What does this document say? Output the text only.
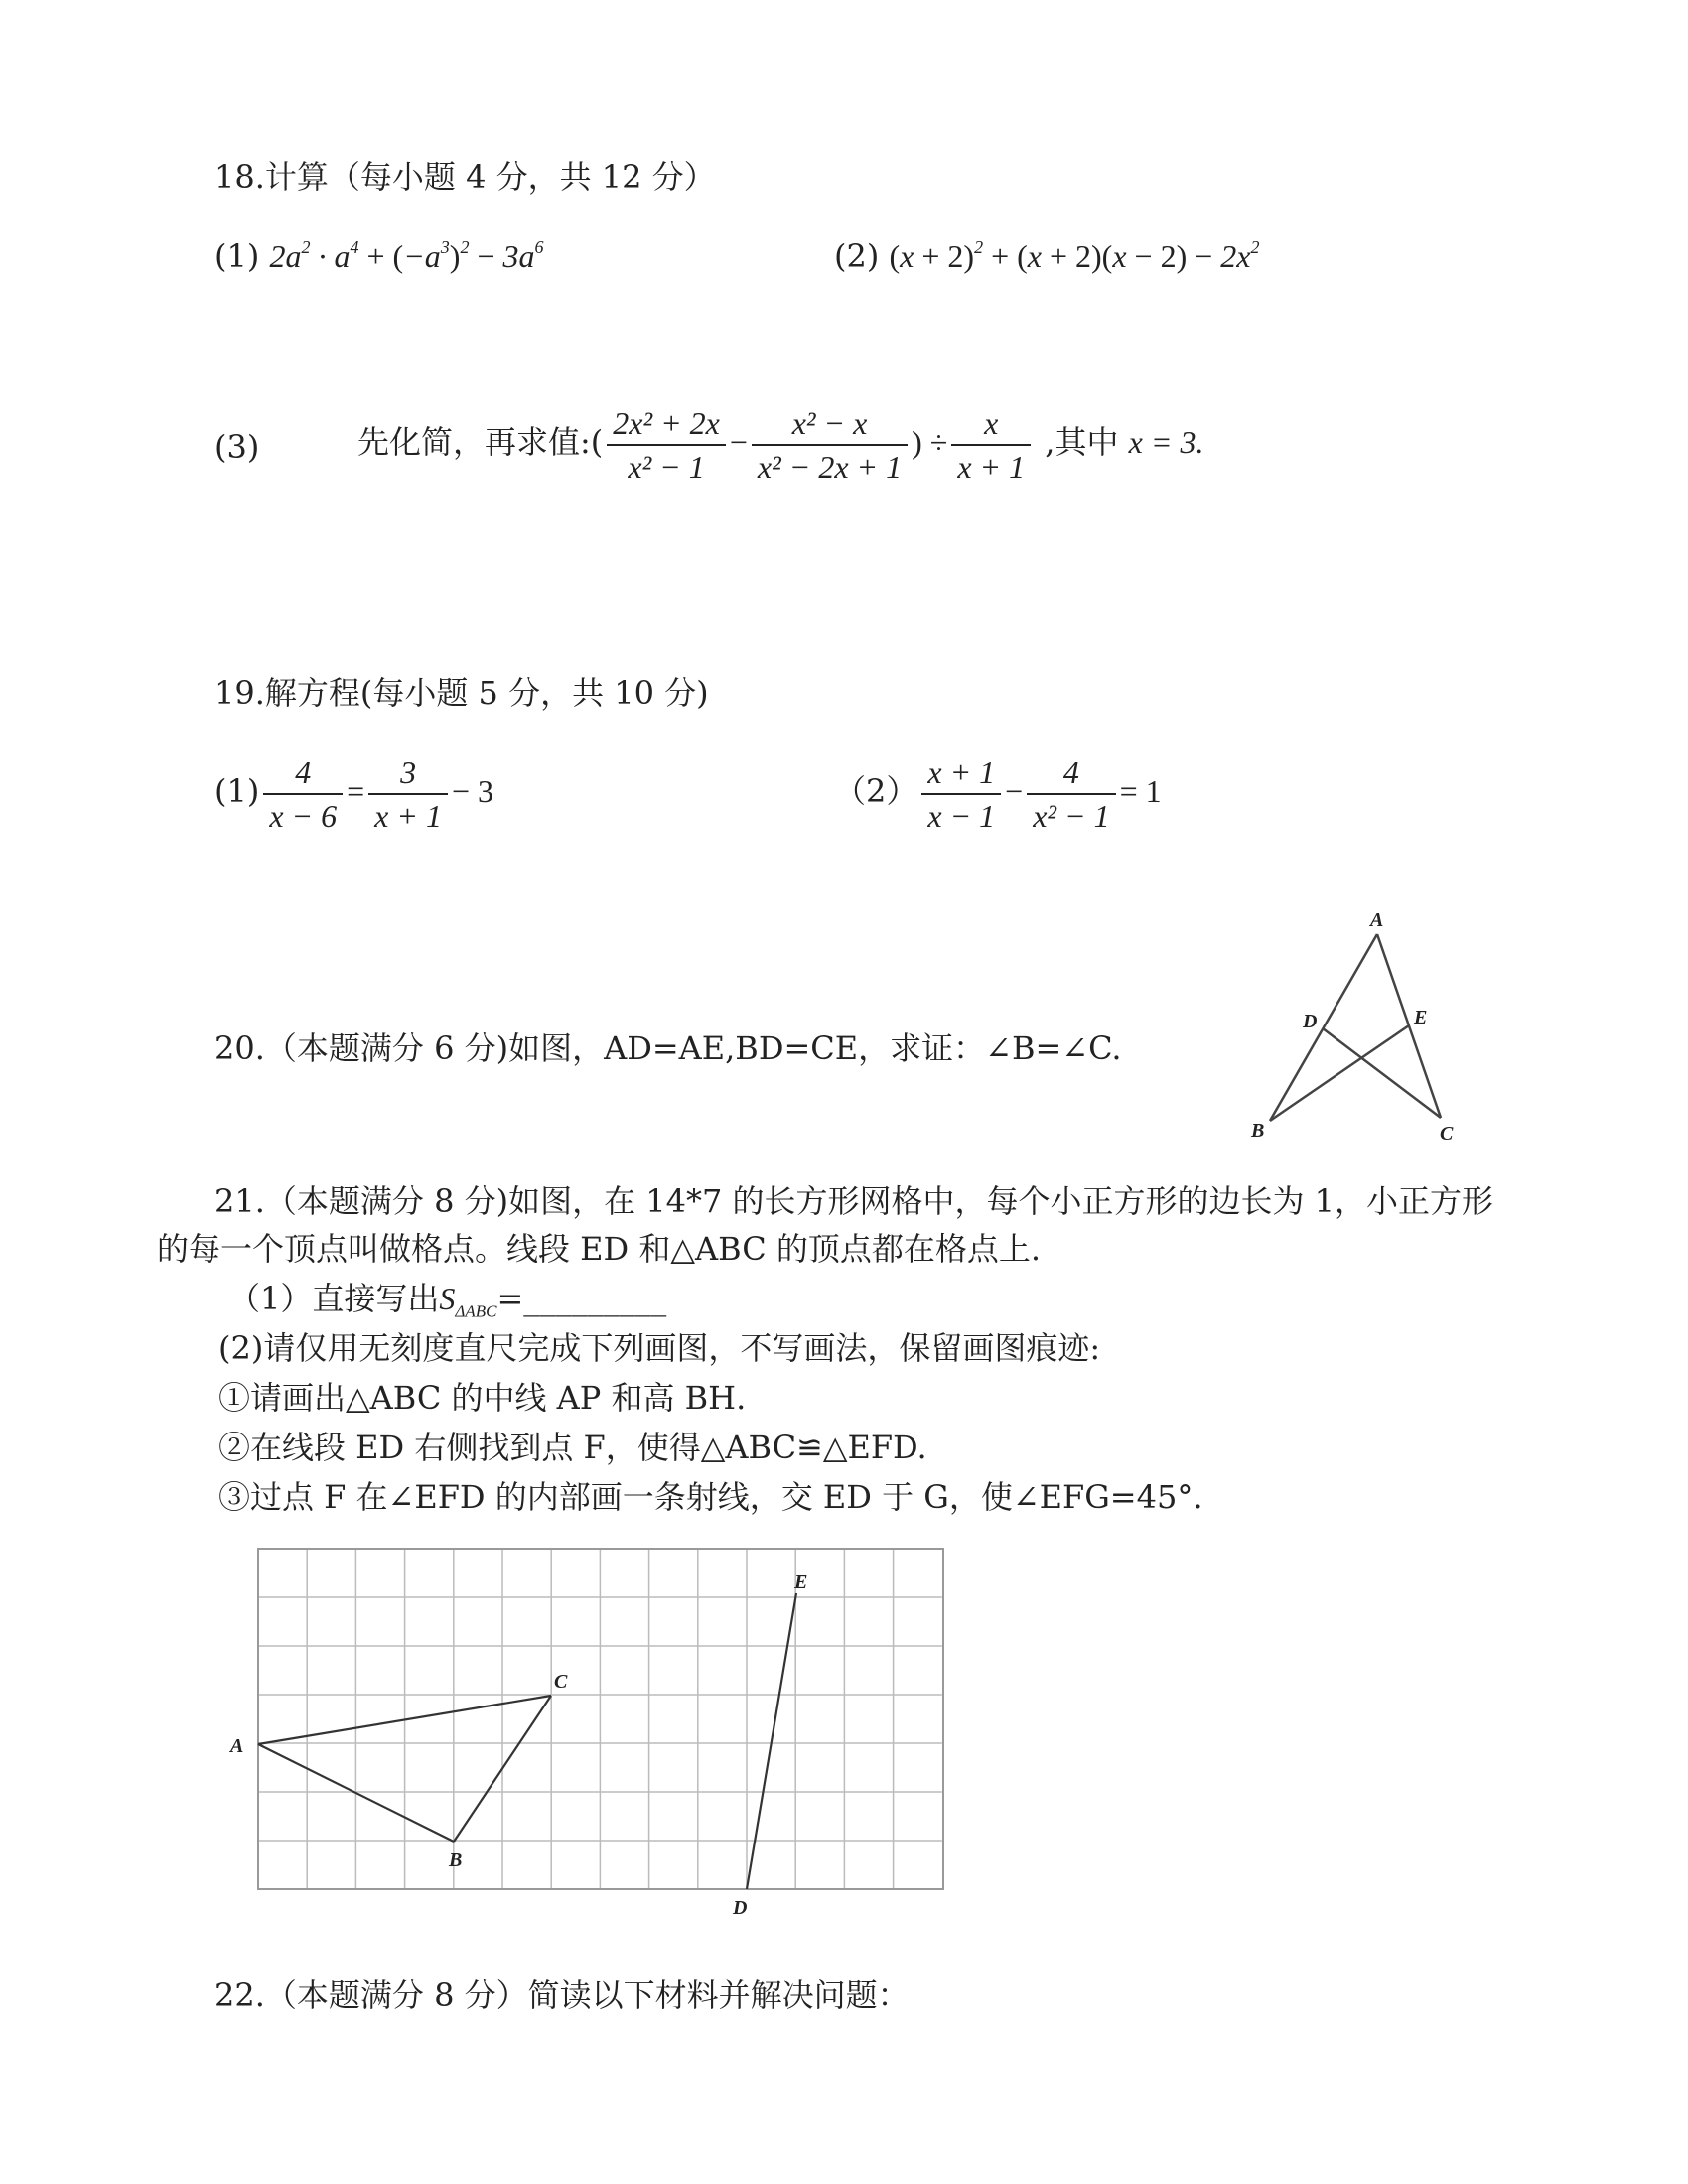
18.计算（每小题 4 分，共 12 分）
(1) $2a^2 \cdot a^4 + (-a^3)^2 - 3a^6$	(2) $(x + 2)^2 + (x + 2)(x - 2) - 2x^2$
(3)	先化简，再求值:( $\frac{\text{2x² + 2x}}{\text{x² − 1}} - \frac{\text{x² − x}}{\text{x² − 2x + 1}}$ ) ÷ $\frac{x}{x + 1}$ ,其中 x = 3.
19.解方程(每小题 5 分，共 10 分)
$(1) \frac{4}{x - 6} = \frac{3}{x + 1} - 3$	$(2) \frac{x + 1}{x - 1} - \frac{4}{\text{x² − 1}} = 1$
20.（本题满分 6 分)如图，AD=AE,BD=CE，求证：∠B=∠C.
A
D	E
B	C
21.（本题满分 8 分)如图，在 14*7 的长方形网格中，每个小正方形的边长为 1，小正方形
的每一个顶点叫做格点。线段 ED 和△ABC 的顶点都在格点上.
（1）直接写出$S_{\Delta ABC}=\_\_\_\_\_\_\_\_\_$
(2)请仅用无刻度直尺完成下列画图，不写画法，保留画图痕迹:
①请画出△ABC 的中线 AP 和高 BH.
②在线段 ED 右侧找到点 F，使得△ABC≌△EFD.
③过点 F 在∠EFD 的内部画一条射线，交 ED 于 G，使∠EFG=45°.
A
C
B
E
D
22.（本题满分 8 分）简读以下材料并解决问题：
